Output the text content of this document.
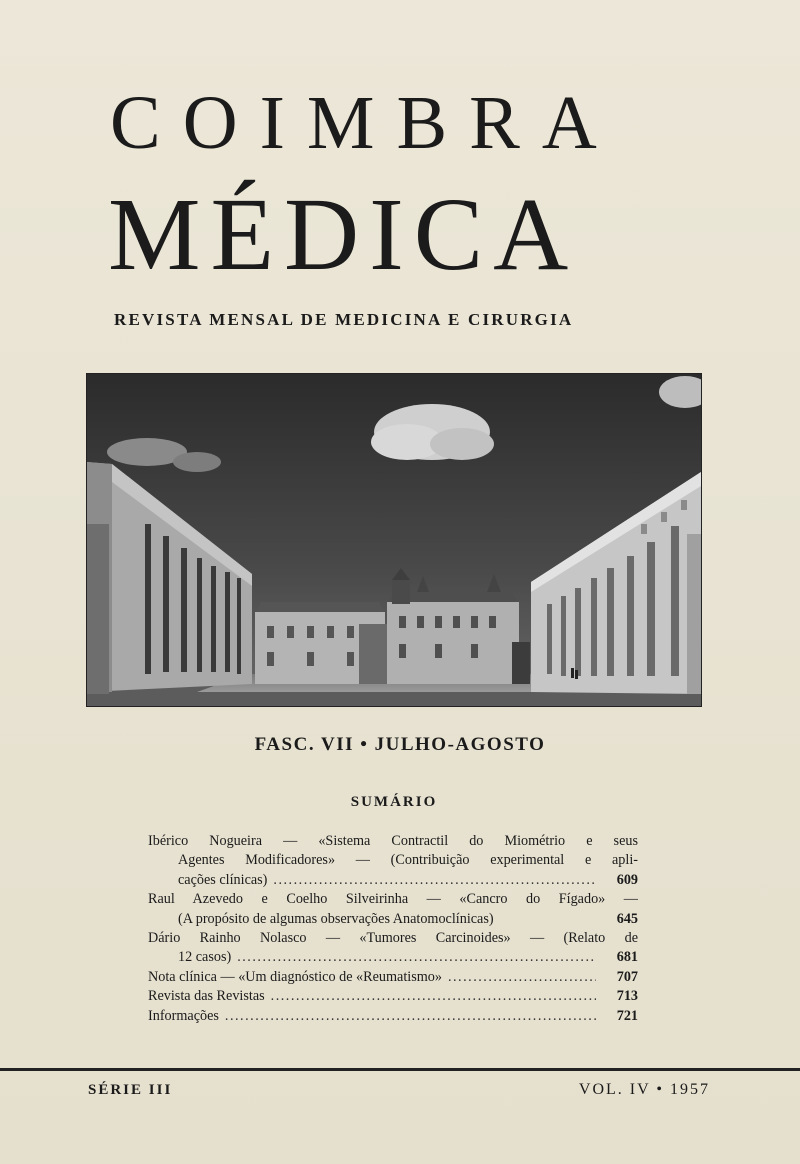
COIMBRA
MÉDICA
REVISTA MENSAL DE MEDICINA E CIRURGIA
FASC. VII • JULHO-AGOSTO
SUMÁRIO
Ibérico Nogueira — «Sistema Contractil do Miométrio e seus
Agentes Modificadores» — (Contribuição experimental e apli-
cações clínicas) .....	609
Raul Azevedo e Coelho Silveirinha — «Cancro do Fígado» —
(A propósito de algumas observações Anatomoclínicas)	645
Dário Rainho Nolasco — «Tumores Carcinoides» — (Relato de
12 casos) .....	681
Nota clínica — «Um diagnóstico de «Reumatismo» .....	707
Revista das Revistas .....	713
Informações .....	721
SÉRIE III	VOL. IV • 1957
